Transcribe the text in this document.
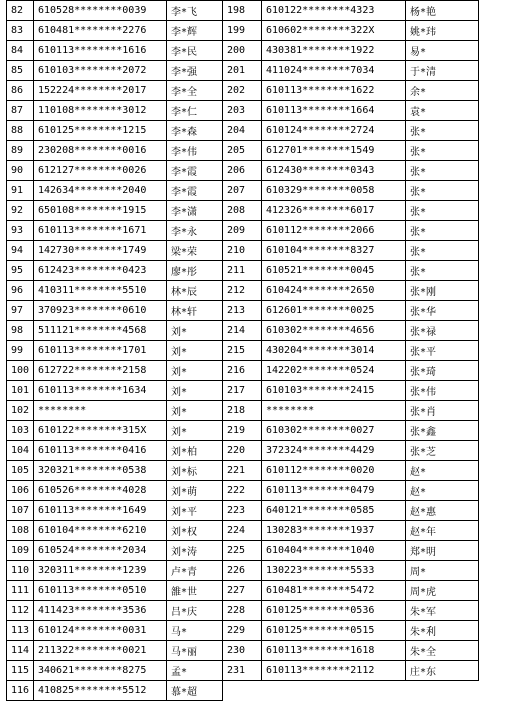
82	610528********0039	李*飞	198	610122********4323	杨*艳
83	610481********2276	李*辉	199	610602********322X	姚*玮
84	610113********1616	李*民	200	430381********1922	易*
85	610103********2072	李*强	201	411024********7034	于*清
86	152224********2017	李*全	202	610113********1622	余*
87	110108********3012	李*仁	203	610113********1664	袁*
88	610125********1215	李*森	204	610124********2724	张*
89	230208********0016	李*伟	205	612701********1549	张*
90	612127********0026	李*霞	206	612430********0343	张*
91	142634********2040	李*霞	207	610329********0058	张*
92	650108********1915	李*潇	208	412326********6017	张*
93	610113********1671	李*永	209	610112********2066	张*
94	142730********1749	梁*荣	210	610104********8327	张*
95	612423********0423	廖*彤	211	610521********0045	张*
96	410311********5510	林*辰	212	610424********2650	张*刚
97	370923********0610	林*轩	213	612601********0025	张*华
98	511121********4568	刘*	214	610302********4656	张*禄
99	610113********1701	刘*	215	430204********3014	张*平
100	612722********2158	刘*	216	142202********0524	张*琦
101	610113********1634	刘*	217	610103********2415	张*伟
102	********	刘*	218	********	张*肖
103	610122********315X	刘*	219	610302********0027	张*鑫
104	610113********0416	刘*柏	220	372324********4429	张*芝
105	320321********0538	刘*标	221	610112********0020	赵*
106	610526********4028	刘*萌	222	610113********0479	赵*
107	610113********1649	刘*平	223	640121********0585	赵*惠
108	610104********6210	刘*权	224	130283********1937	赵*年
109	610524********2034	刘*涛	225	610404********1040	郑*明
110	320311********1239	卢*青	226	130223********5533	周*
111	610113********0510	雒*世	227	610481********5472	周*虎
112	411423********3536	吕*庆	228	610125********0536	朱*军
113	610124********0031	马*	229	610125********0515	朱*利
114	211322********0021	马*丽	230	610113********1618	朱*全
115	340621********8275	孟*	231	610113********2112	庄*东
116	410825********5512	慕*超			
